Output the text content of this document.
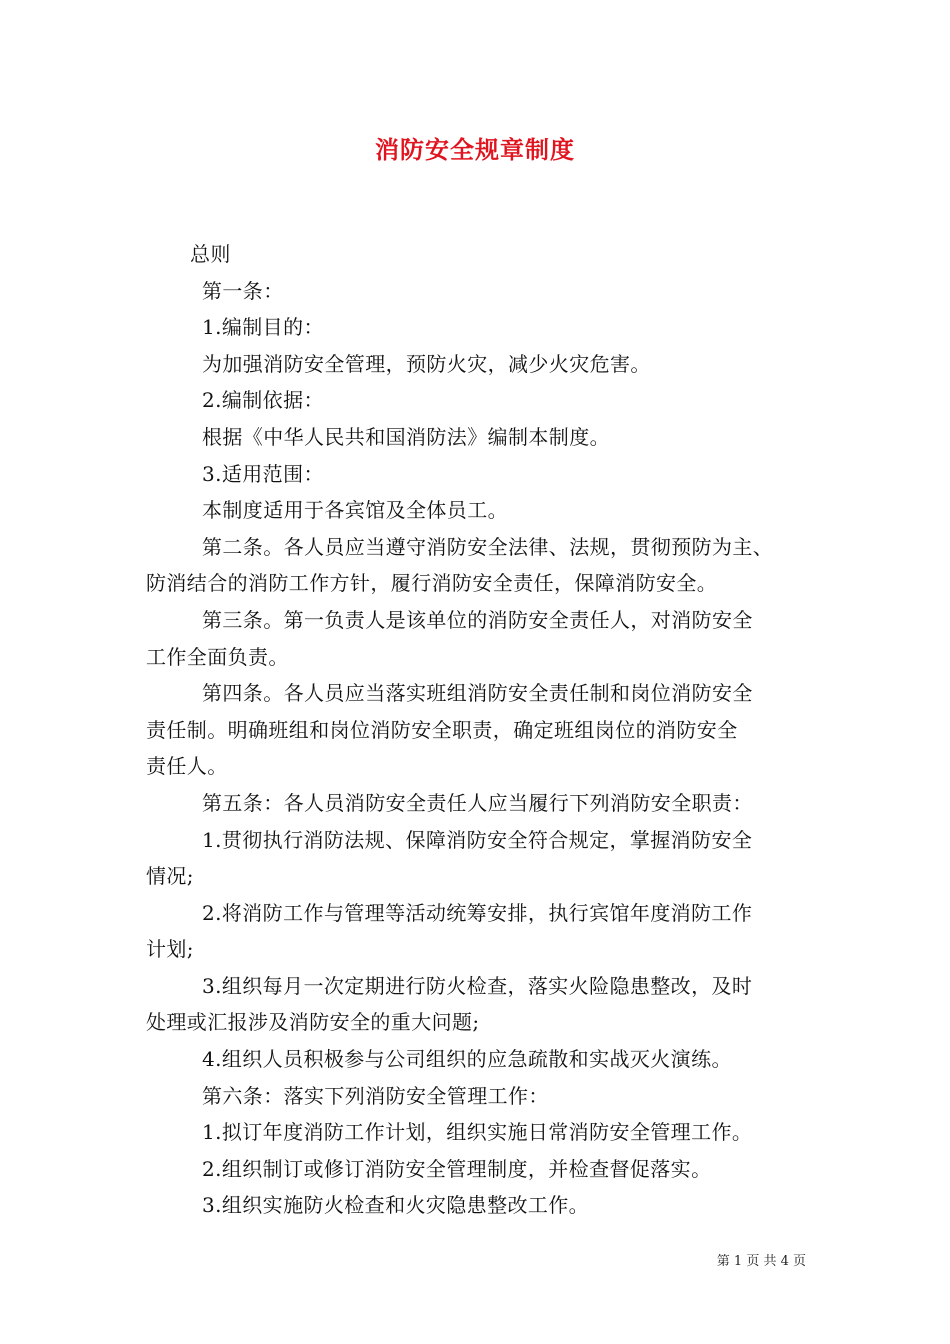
消防安全规章制度
总则
第一条：
1.编制目的：
为加强消防安全管理，预防火灾，减少火灾危害。
2.编制依据：
根据《中华人民共和国消防法》编制本制度。
3.适用范围：
本制度适用于各宾馆及全体员工。
第二条。各人员应当遵守消防安全法律、法规，贯彻预防为主、
防消结合的消防工作方针，履行消防安全责任，保障消防安全。
第三条。第一负责人是该单位的消防安全责任人，对消防安全
工作全面负责。
第四条。各人员应当落实班组消防安全责任制和岗位消防安全
责任制。明确班组和岗位消防安全职责，确定班组岗位的消防安全
责任人。
第五条：各人员消防安全责任人应当履行下列消防安全职责：
1.贯彻执行消防法规、保障消防安全符合规定，掌握消防安全
情况;
2.将消防工作与管理等活动统筹安排，执行宾馆年度消防工作
计划;
3.组织每月一次定期进行防火检查，落实火险隐患整改，及时
处理或汇报涉及消防安全的重大问题;
4.组织人员积极参与公司组织的应急疏散和实战灭火演练。
第六条：落实下列消防安全管理工作：
1.拟订年度消防工作计划，组织实施日常消防安全管理工作。
2.组织制订或修订消防安全管理制度，并检查督促落实。
3.组织实施防火检查和火灾隐患整改工作。
第 1 页 共 4 页
